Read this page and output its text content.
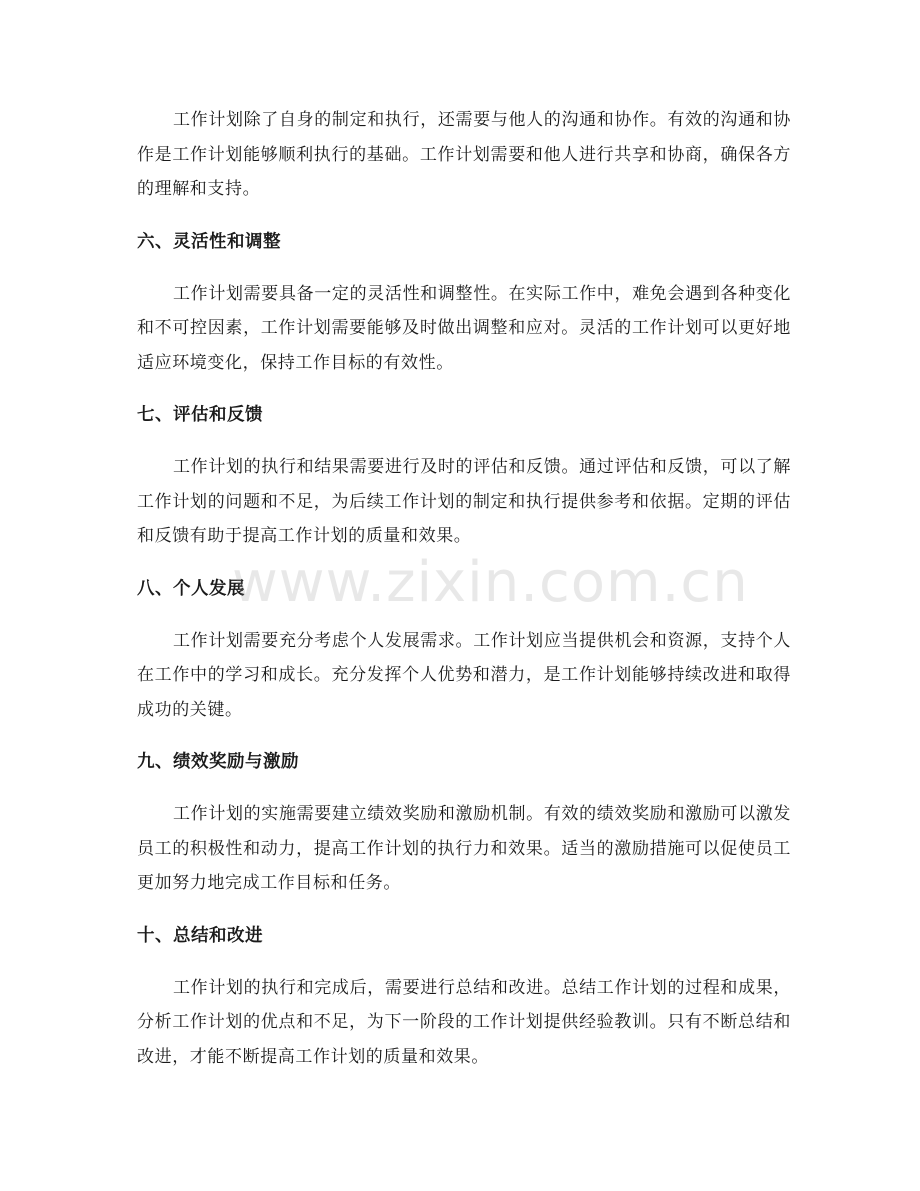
工作计划除了自身的制定和执行，还需要与他人的沟通和协作。有效的沟通和协作是工作计划能够顺利执行的基础。工作计划需要和他人进行共享和协商，确保各方的理解和支持。

六、灵活性和调整

工作计划需要具备一定的灵活性和调整性。在实际工作中，难免会遇到各种变化和不可控因素，工作计划需要能够及时做出调整和应对。灵活的工作计划可以更好地适应环境变化，保持工作目标的有效性。

七、评估和反馈

工作计划的执行和结果需要进行及时的评估和反馈。通过评估和反馈，可以了解工作计划的问题和不足，为后续工作计划的制定和执行提供参考和依据。定期的评估和反馈有助于提高工作计划的质量和效果。

八、个人发展

工作计划需要充分考虑个人发展需求。工作计划应当提供机会和资源，支持个人在工作中的学习和成长。充分发挥个人优势和潜力，是工作计划能够持续改进和取得成功的关键。

九、绩效奖励与激励

工作计划的实施需要建立绩效奖励和激励机制。有效的绩效奖励和激励可以激发员工的积极性和动力，提高工作计划的执行力和效果。适当的激励措施可以促使员工更加努力地完成工作目标和任务。

十、总结和改进

工作计划的执行和完成后，需要进行总结和改进。总结工作计划的过程和成果，分析工作计划的优点和不足，为下一阶段的工作计划提供经验教训。只有不断总结和改进，才能不断提高工作计划的质量和效果。

www.zixin.com.cn
